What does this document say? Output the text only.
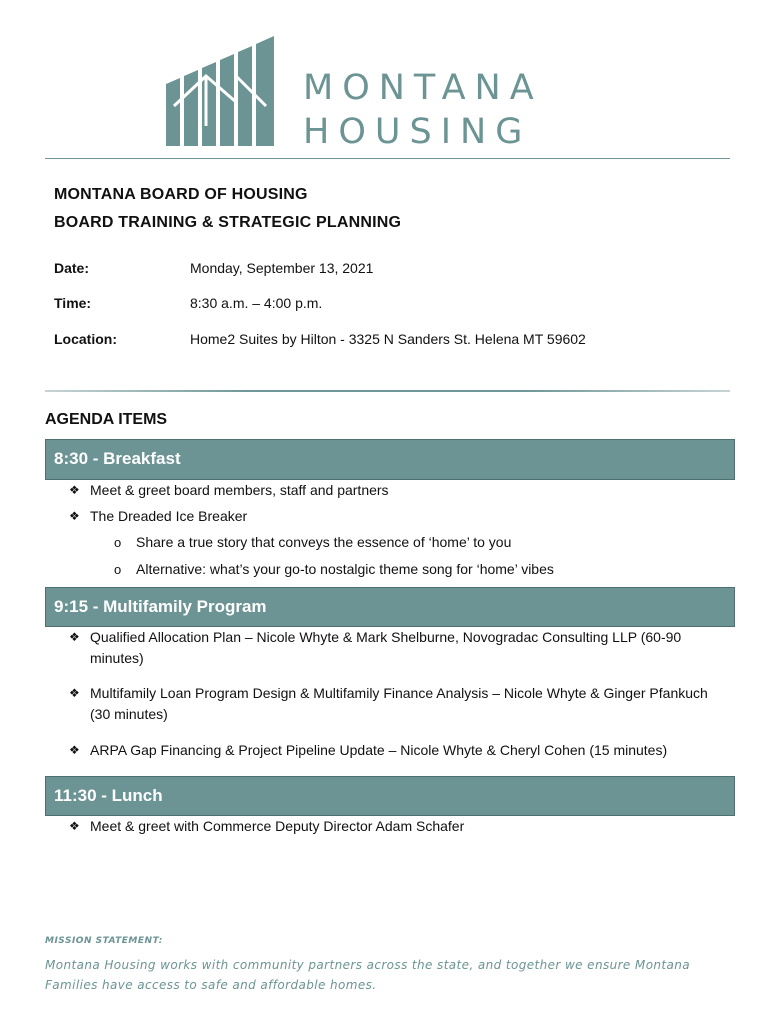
MONTANA
HOUSING
MONTANA BOARD OF HOUSING
BOARD TRAINING & STRATEGIC PLANNING
Date:	Monday, September 13, 2021
Time:	8:30 a.m. – 4:00 p.m.
Location:	Home2 Suites by Hilton - 3325 N Sanders St. Helena MT 59602
AGENDA ITEMS
8:30 - Breakfast
❖ Meet & greet board members, staff and partners
❖ The Dreaded Ice Breaker
o Share a true story that conveys the essence of ‘home’ to you
o Alternative: what’s your go-to nostalgic theme song for ‘home’ vibes
9:15 - Multifamily Program
❖ Qualified Allocation Plan – Nicole Whyte & Mark Shelburne, Novogradac Consulting LLP (60-90 minutes)
❖ Multifamily Loan Program Design & Multifamily Finance Analysis – Nicole Whyte & Ginger Pfankuch (30 minutes)
❖ ARPA Gap Financing & Project Pipeline Update – Nicole Whyte & Cheryl Cohen (15 minutes)
11:30 - Lunch
❖ Meet & greet with Commerce Deputy Director Adam Schafer
MISSION STATEMENT:
Montana Housing works with community partners across the state, and together we ensure Montana Families have access to safe and affordable homes.
